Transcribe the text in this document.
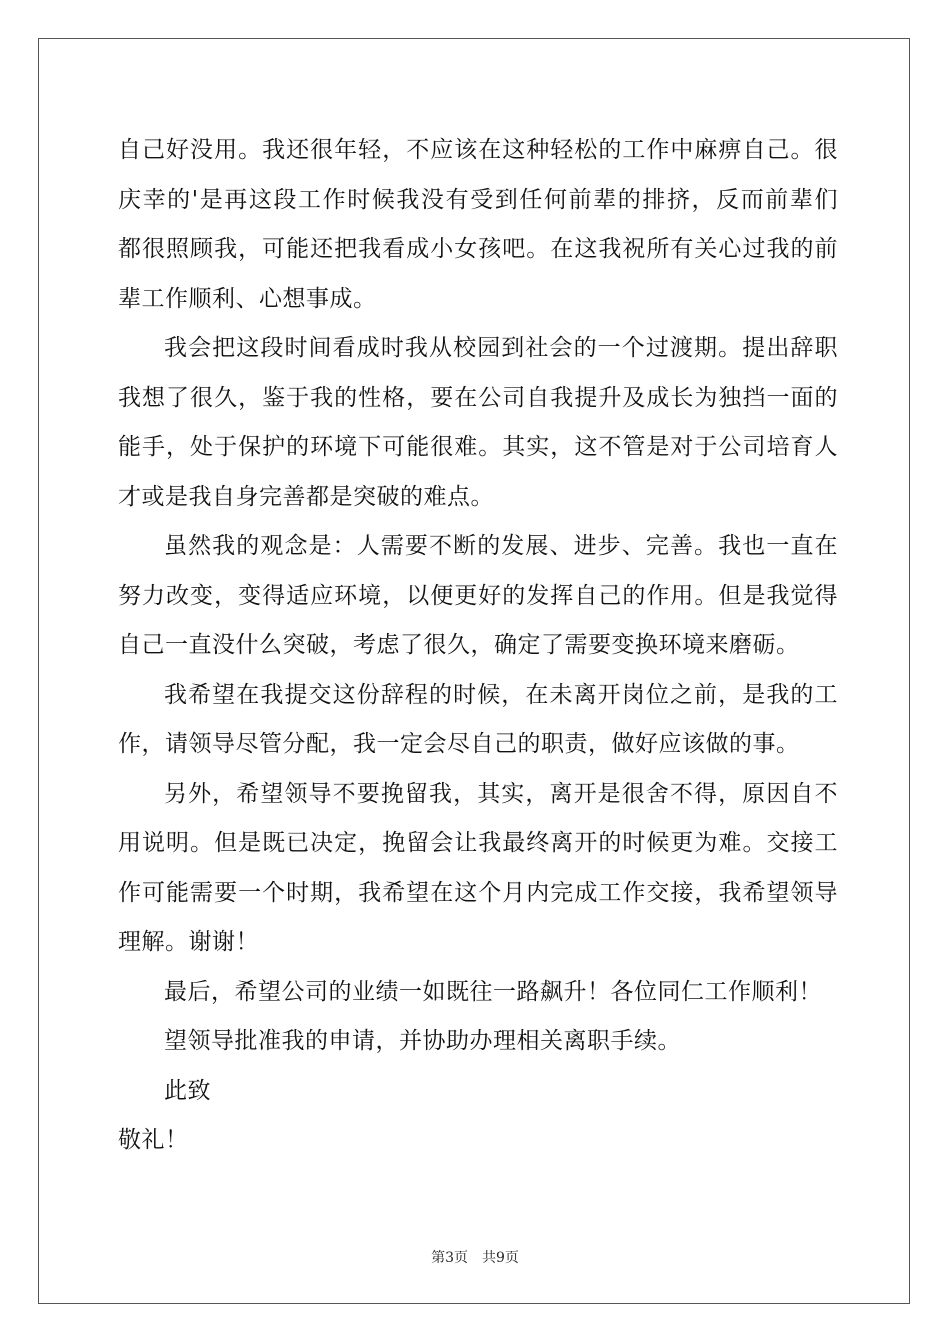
自己好没用。我还很年轻，不应该在这种轻松的工作中麻痹自己。很
庆幸的'是再这段工作时候我没有受到任何前辈的排挤，反而前辈们
都很照顾我，可能还把我看成小女孩吧。在这我祝所有关心过我的前
辈工作顺利、心想事成。
我会把这段时间看成时我从校园到社会的一个过渡期。提出辞职
我想了很久，鉴于我的性格，要在公司自我提升及成长为独挡一面的
能手，处于保护的环境下可能很难。其实，这不管是对于公司培育人
才或是我自身完善都是突破的难点。
虽然我的观念是：人需要不断的发展、进步、完善。我也一直在
努力改变，变得适应环境，以便更好的发挥自己的作用。但是我觉得
自己一直没什么突破，考虑了很久，确定了需要变换环境来磨砺。
我希望在我提交这份辞程的时候，在未离开岗位之前，是我的工
作，请领导尽管分配，我一定会尽自己的职责，做好应该做的事。
另外，希望领导不要挽留我，其实，离开是很舍不得，原因自不
用说明。但是既已决定，挽留会让我最终离开的时候更为难。交接工
作可能需要一个时期，我希望在这个月内完成工作交接，我希望领导
理解。谢谢！
最后，希望公司的业绩一如既往一路飙升！各位同仁工作顺利！
望领导批准我的申请，并协助办理相关离职手续。
此致
敬礼！
第3页 共9页
